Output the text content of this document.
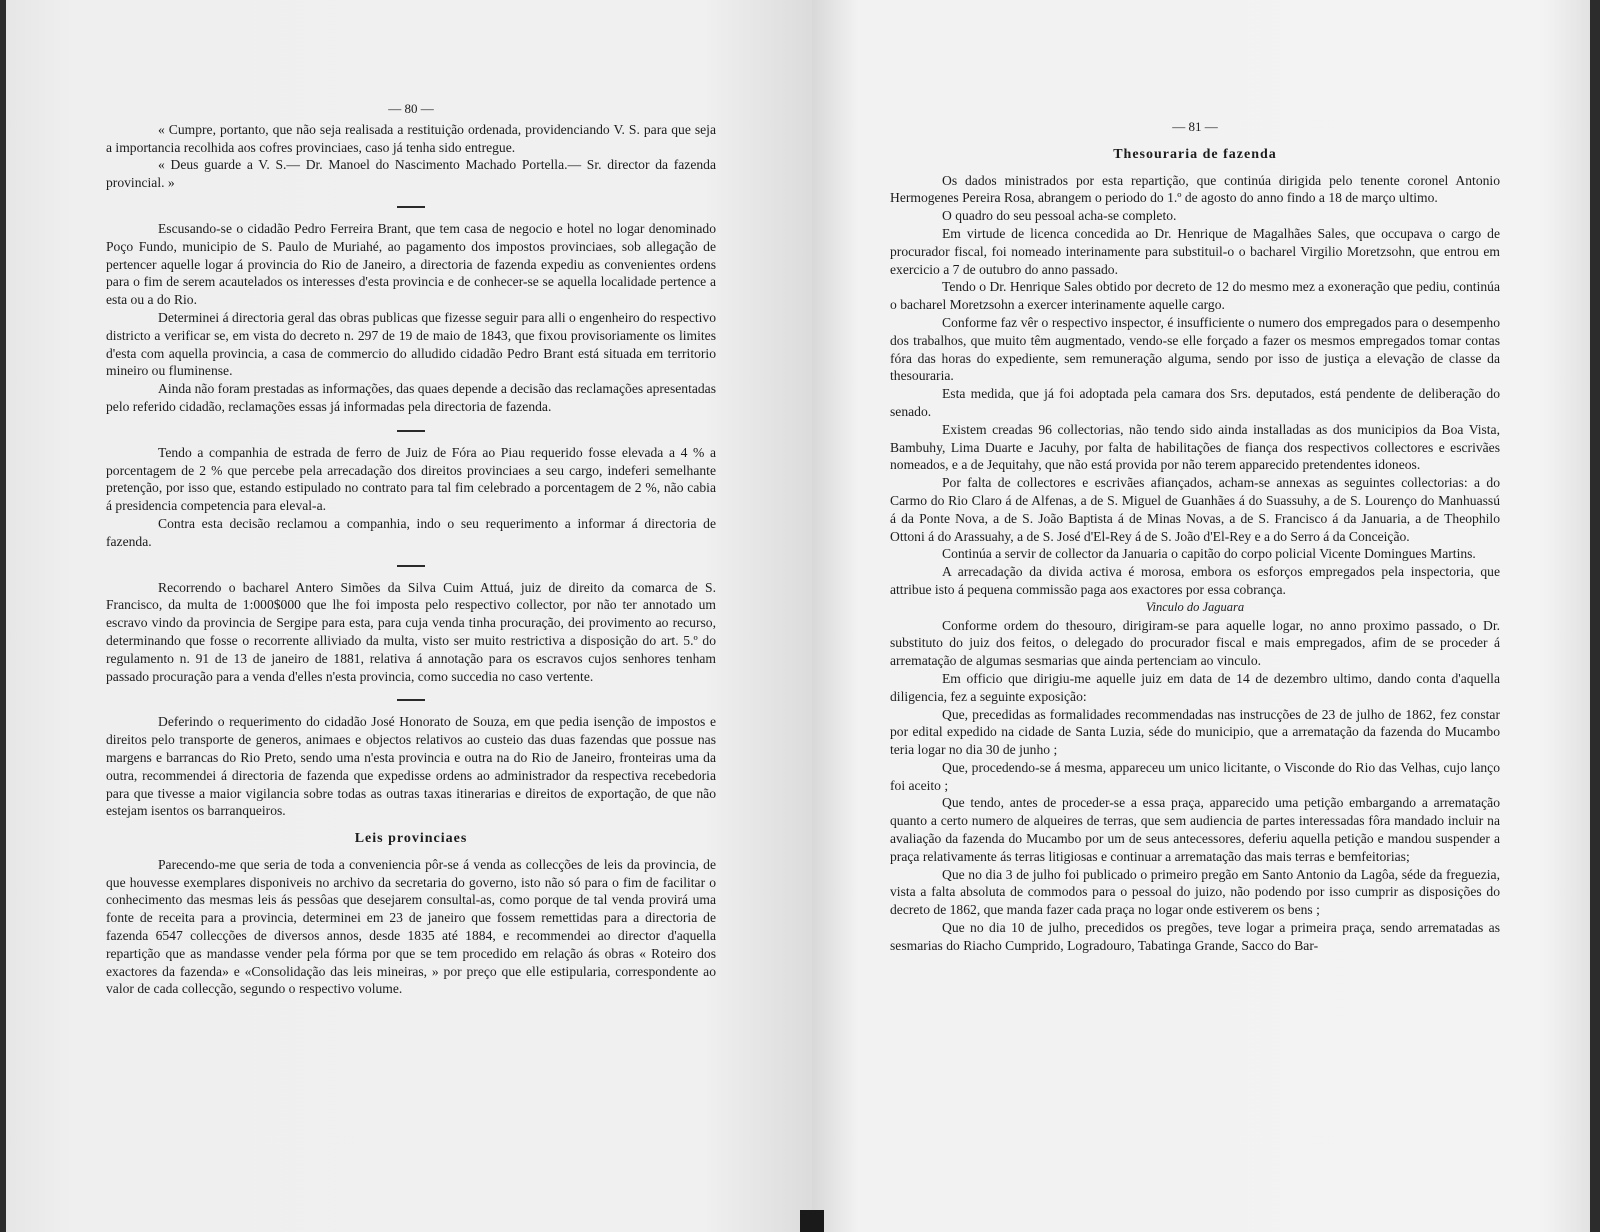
— 80 —

« Cumpre, portanto, que não seja realisada a restituição ordenada, providenciando V. S. para que seja a importancia recolhida aos cofres provinciaes, caso já tenha sido entregue.

« Deus guarde a V. S.— Dr. Manoel do Nascimento Machado Portella.— Sr. director da fazenda provincial. »

Escusando-se o cidadão Pedro Ferreira Brant, que tem casa de negocio e hotel no logar denominado Poço Fundo, municipio de S. Paulo de Muriahé, ao pagamento dos impostos provinciaes, sob allegação de pertencer aquelle logar á provincia do Rio de Janeiro, a directoria de fazenda expediu as convenientes ordens para o fim de serem acautelados os interesses d'esta provincia e de conhecer-se se aquella localidade pertence a esta ou a do Rio.

Determinei á directoria geral das obras publicas que fizesse seguir para alli o engenheiro do respectivo districto a verificar se, em vista do decreto n. 297 de 19 de maio de 1843, que fixou provisoriamente os limites d'esta com aquella provincia, a casa de commercio do alludido cidadão Pedro Brant está situada em territorio mineiro ou fluminense.

Ainda não foram prestadas as informações, das quaes depende a decisão das reclamações apresentadas pelo referido cidadão, reclamações essas já informadas pela directoria de fazenda.

Tendo a companhia de estrada de ferro de Juiz de Fóra ao Piau requerido fosse elevada a 4 % a porcentagem de 2 % que percebe pela arrecadação dos direitos provinciaes a seu cargo, indeferi semelhante pretenção, por isso que, estando estipulado no contrato para tal fim celebrado a porcentagem de 2 %, não cabia á presidencia competencia para eleval-a.

Contra esta decisão reclamou a companhia, indo o seu requerimento a informar á directoria de fazenda.

Recorrendo o bacharel Antero Simões da Silva Cuim Attuá, juiz de direito da comarca de S. Francisco, da multa de 1:000$000 que lhe foi imposta pelo respectivo collector, por não ter annotado um escravo vindo da provincia de Sergipe para esta, para cuja venda tinha procuração, dei provimento ao recurso, determinando que fosse o recorrente alliviado da multa, visto ser muito restrictiva a disposição do art. 5.º do regulamento n. 91 de 13 de janeiro de 1881, relativa á annotação para os escravos cujos senhores tenham passado procuração para a venda d'elles n'esta provincia, como succedia no caso vertente.

Deferindo o requerimento do cidadão José Honorato de Souza, em que pedia isenção de impostos e direitos pelo transporte de generos, animaes e objectos relativos ao custeio das duas fazendas que possue nas margens e barrancas do Rio Preto, sendo uma n'esta provincia e outra na do Rio de Janeiro, fronteiras uma da outra, recommendei á directoria de fazenda que expedisse ordens ao administrador da respectiva recebedoria para que tivesse a maior vigilancia sobre todas as outras taxas itinerarias e direitos de exportação, de que não estejam isentos os barranqueiros.

Leis provinciaes

Parecendo-me que seria de toda a conveniencia pôr-se á venda as collecções de leis da provincia, de que houvesse exemplares disponiveis no archivo da secretaria do governo, isto não só para o fim de facilitar o conhecimento das mesmas leis ás pessôas que desejarem consultal-as, como porque de tal venda provirá uma fonte de receita para a provincia, determinei em 23 de janeiro que fossem remettidas para a directoria de fazenda 6547 collecções de diversos annos, desde 1835 até 1884, e recommendei ao director d'aquella repartição que as mandasse vender pela fórma por que se tem procedido em relação ás obras « Roteiro dos exactores da fazenda» e «Consolidação das leis mineiras, » por preço que elle estipularia, correspondente ao valor de cada collecção, segundo o respectivo volume.

— 81 —
Thesouraria de fazenda

Os dados ministrados por esta repartição, que continúa dirigida pelo tenente coronel Antonio Hermogenes Pereira Rosa, abrangem o periodo do 1.º de agosto do anno findo a 18 de março ultimo.

O quadro do seu pessoal acha-se completo.

Em virtude de licenca concedida ao Dr. Henrique de Magalhães Sales, que occupava o cargo de procurador fiscal, foi nomeado interinamente para substituil-o o bacharel Virgilio Moretzsohn, que entrou em exercicio a 7 de outubro do anno passado.

Tendo o Dr. Henrique Sales obtido por decreto de 12 do mesmo mez a exoneração que pediu, continúa o bacharel Moretzsohn a exercer interinamente aquelle cargo.

Conforme faz vêr o respectivo inspector, é insufficiente o numero dos empregados para o desempenho dos trabalhos, que muito têm augmentado, vendo-se elle forçado a fazer os mesmos empregados tomar contas fóra das horas do expediente, sem remuneração alguma, sendo por isso de justiça a elevação de classe da thesouraria.

Esta medida, que já foi adoptada pela camara dos Srs. deputados, está pendente de deliberação do senado.

Existem creadas 96 collectorias, não tendo sido ainda installadas as dos municipios da Boa Vista, Bambuhy, Lima Duarte e Jacuhy, por falta de habilitações de fiança dos respectivos collectores e escrivães nomeados, e a de Jequitahy, que não está provida por não terem apparecido pretendentes idoneos.

Por falta de collectores e escrivães afiançados, acham-se annexas as seguintes collectorias: a do Carmo do Rio Claro á de Alfenas, a de S. Miguel de Guanhães á do Suassuhy, a de S. Lourenço do Manhuassú á da Ponte Nova, a de S. João Baptista á de Minas Novas, a de S. Francisco á da Januaria, a de Theophilo Ottoni á do Arassuahy, a de S. José d'El-Rey á de S. João d'El-Rey e a do Serro á da Conceição.

Continúa a servir de collector da Januaria o capitão do corpo policial Vicente Domingues Martins.

A arrecadação da divida activa é morosa, embora os esforços empregados pela inspectoria, que attribue isto á pequena commissão paga aos exactores por essa cobrança.

Vinculo do Jaguara

Conforme ordem do thesouro, dirigiram-se para aquelle logar, no anno proximo passado, o Dr. substituto do juiz dos feitos, o delegado do procurador fiscal e mais empregados, afim de se proceder á arrematação de algumas sesmarias que ainda pertenciam ao vinculo.

Em officio que dirigiu-me aquelle juiz em data de 14 de dezembro ultimo, dando conta d'aquella diligencia, fez a seguinte exposição:

Que, precedidas as formalidades recommendadas nas instrucções de 23 de julho de 1862, fez constar por edital expedido na cidade de Santa Luzia, séde do municipio, que a arrematação da fazenda do Mucambo teria logar no dia 30 de junho ;

Que, procedendo-se á mesma, appareceu um unico licitante, o Visconde do Rio das Velhas, cujo lanço foi aceito ;

Que tendo, antes de proceder-se a essa praça, apparecido uma petição embargando a arrematação quanto a certo numero de alqueires de terras, que sem audiencia de partes interessadas fôra mandado incluir na avaliação da fazenda do Mucambo por um de seus antecessores, deferiu aquella petição e mandou suspender a praça relativamente ás terras litigiosas e continuar a arrematação das mais terras e bemfeitorias;

Que no dia 3 de julho foi publicado o primeiro pregão em Santo Antonio da Lagôa, séde da freguezia, vista a falta absoluta de commodos para o pessoal do juizo, não podendo por isso cumprir as disposições do decreto de 1862, que manda fazer cada praça no logar onde estiverem os bens ;

Que no dia 10 de julho, precedidos os pregões, teve logar a primeira praça, sendo arrematadas as sesmarias do Riacho Cumprido, Logradouro, Tabatinga Grande, Sacco do Bar-
